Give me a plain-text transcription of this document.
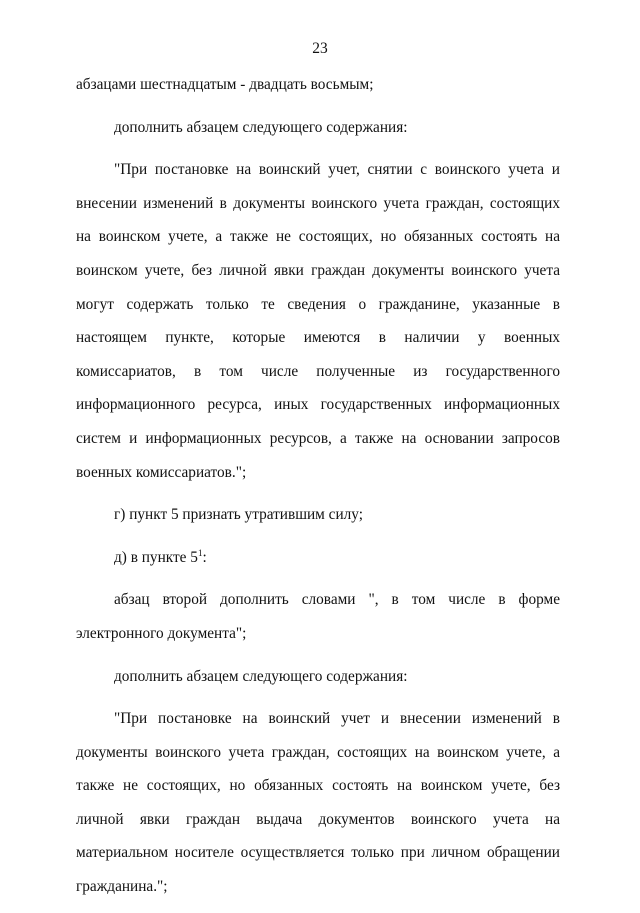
23

абзацами шестнадцатым - двадцать восьмым;

дополнить абзацем следующего содержания:

"При постановке на воинский учет, снятии с воинского учета и внесении изменений в документы воинского учета граждан, состоящих на воинском учете, а также не состоящих, но обязанных состоять на воинском учете, без личной явки граждан документы воинского учета могут содержать только те сведения о гражданине, указанные в настоящем пункте, которые имеются в наличии у военных комиссариатов, в том числе полученные из государственного информационного ресурса, иных государственных информационных систем и информационных ресурсов, а также на основании запросов военных комиссариатов.";

г) пункт 5 признать утратившим силу;

д) в пункте $5^1$:

абзац второй дополнить словами ", в том числе в форме электронного документа";

дополнить абзацем следующего содержания:

"При постановке на воинский учет и внесении изменений в документы воинского учета граждан, состоящих на воинском учете, а также не состоящих, но обязанных состоять на воинском учете, без личной явки граждан выдача документов воинского учета на материальном носителе осуществляется только при личном обращении гражданина.";
